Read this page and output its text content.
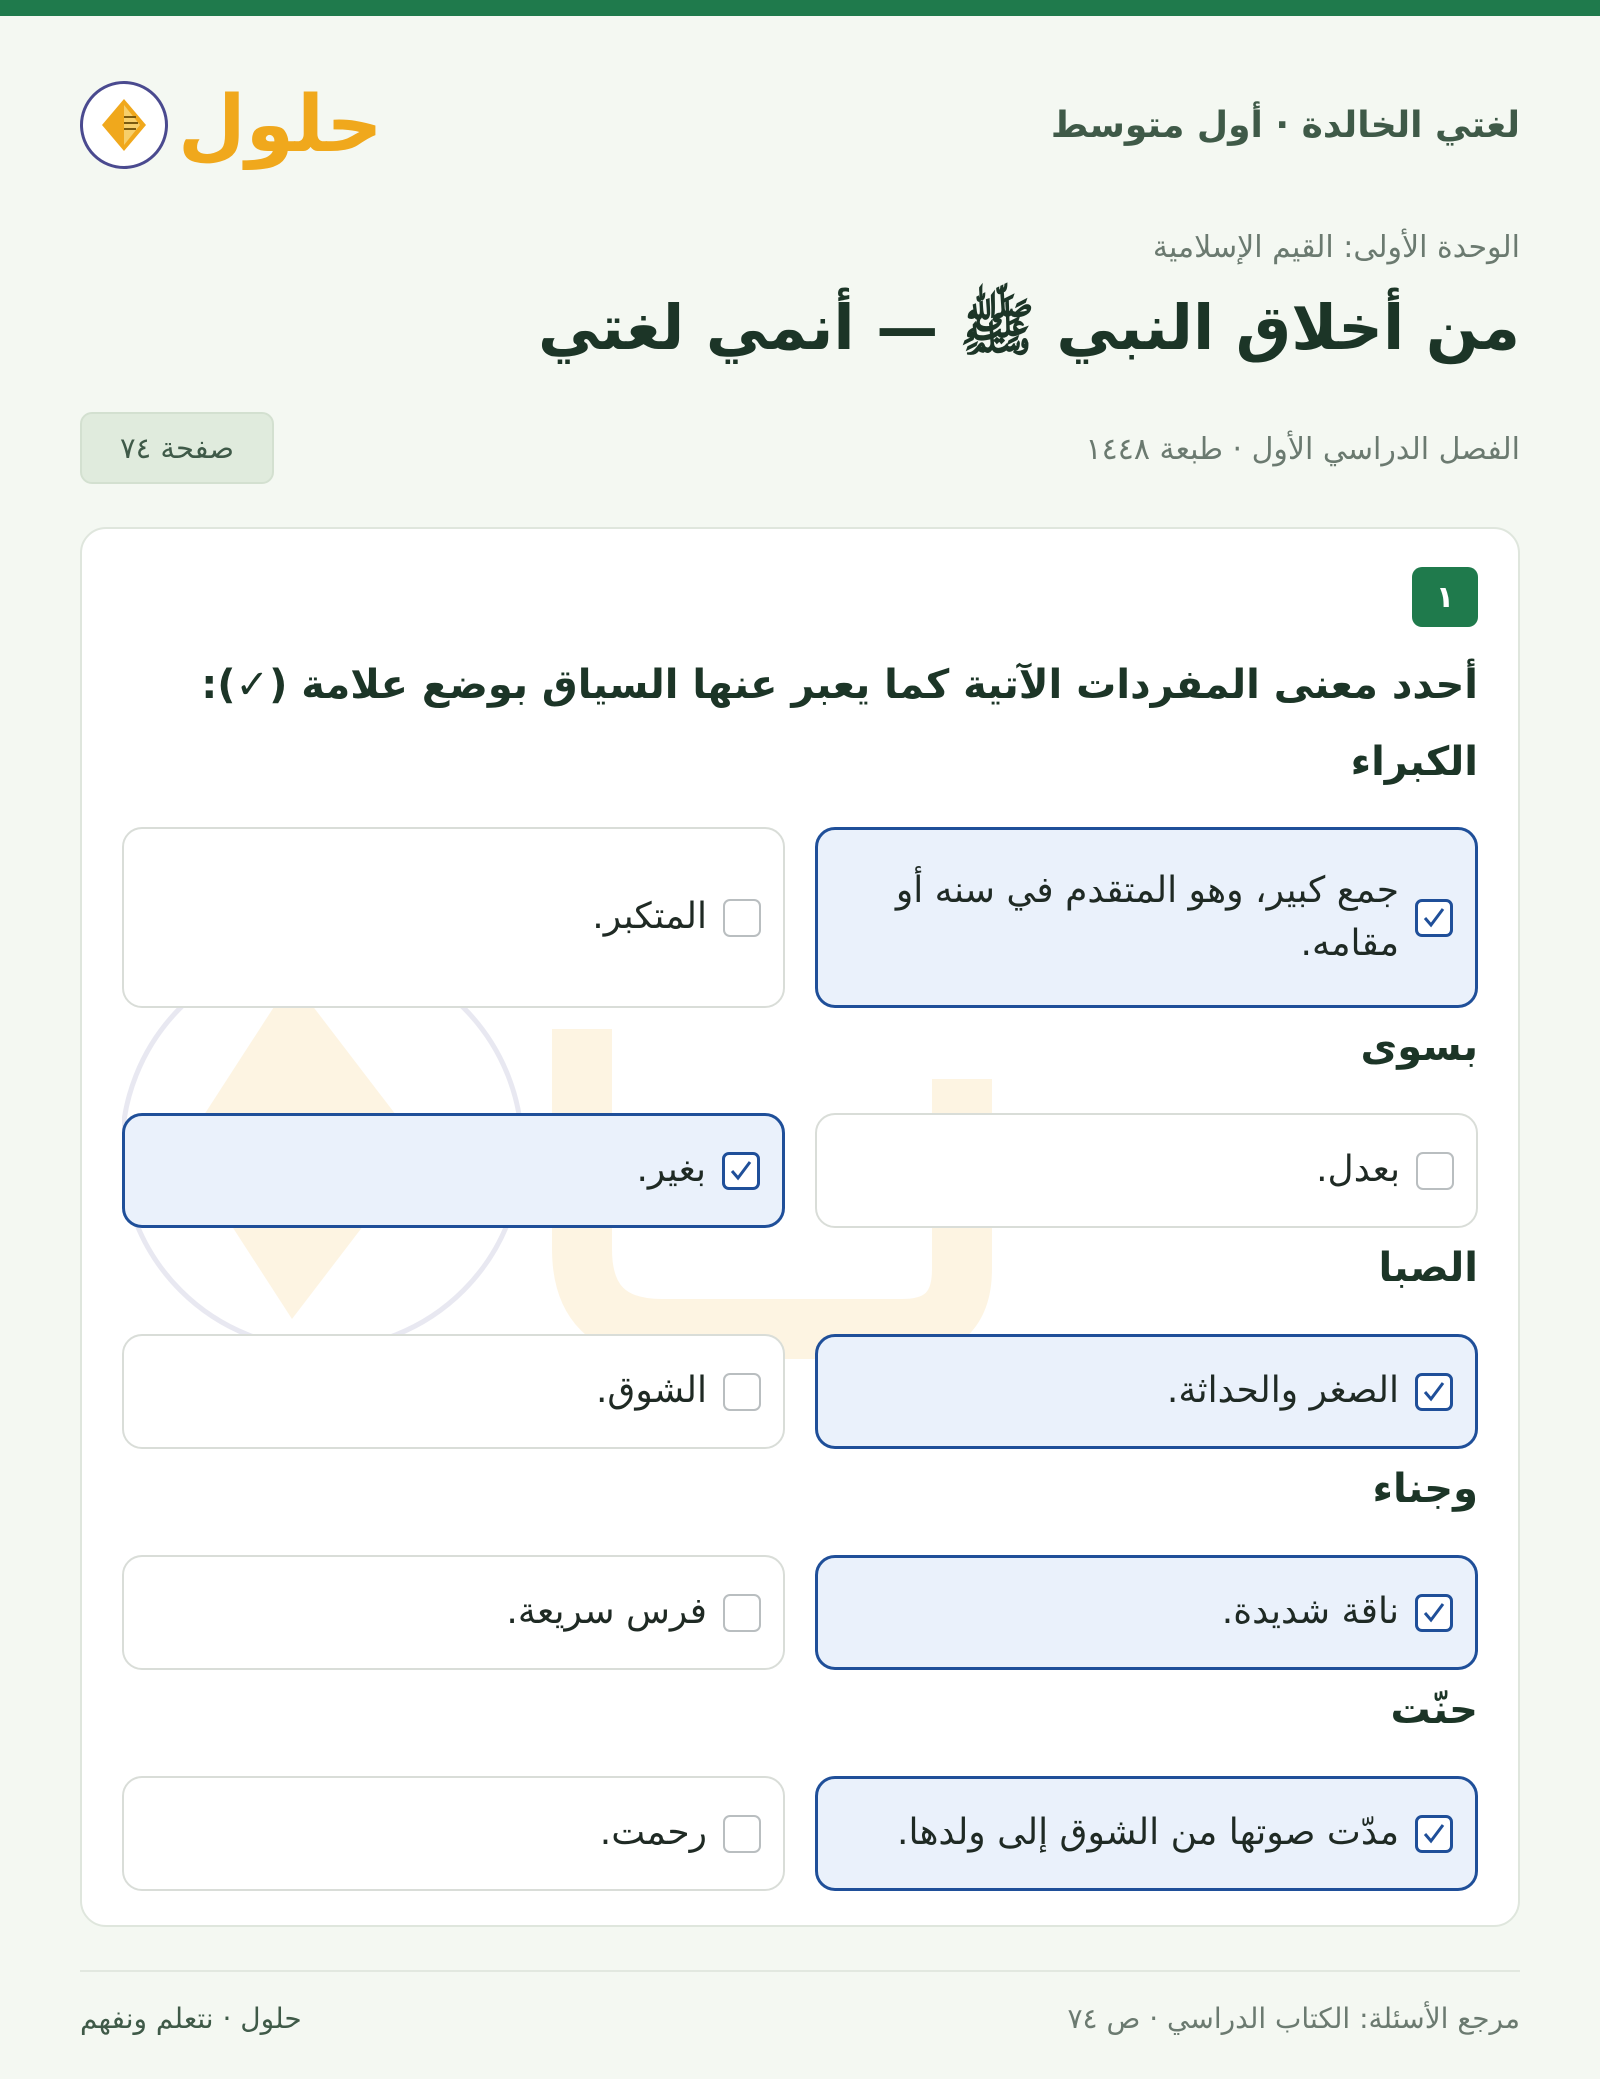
لغتي الخالدة · أول متوسط
حلول
الوحدة الأولى: القيم الإسلامية
من أخلاق النبي ﷺ — أنمي لغتي
الفصل الدراسي الأول · طبعة ١٤٤٨
صفحة ٧٤
١
أحدد معنى المفردات الآتية كما يعبر عنها السياق بوضع علامة (✓):
الكبراء
جمع كبير، وهو المتقدم في سنه أو مقامه.
المتكبر.
بسوى
بعدل.
بغير.
الصبا
الصغر والحداثة.
الشوق.
وجناء
ناقة شديدة.
فرس سريعة.
حنّت
مدّت صوتها من الشوق إلى ولدها.
رحمت.
مرجع الأسئلة: الكتاب الدراسي · ص ٧٤
حلول · نتعلم ونفهم
